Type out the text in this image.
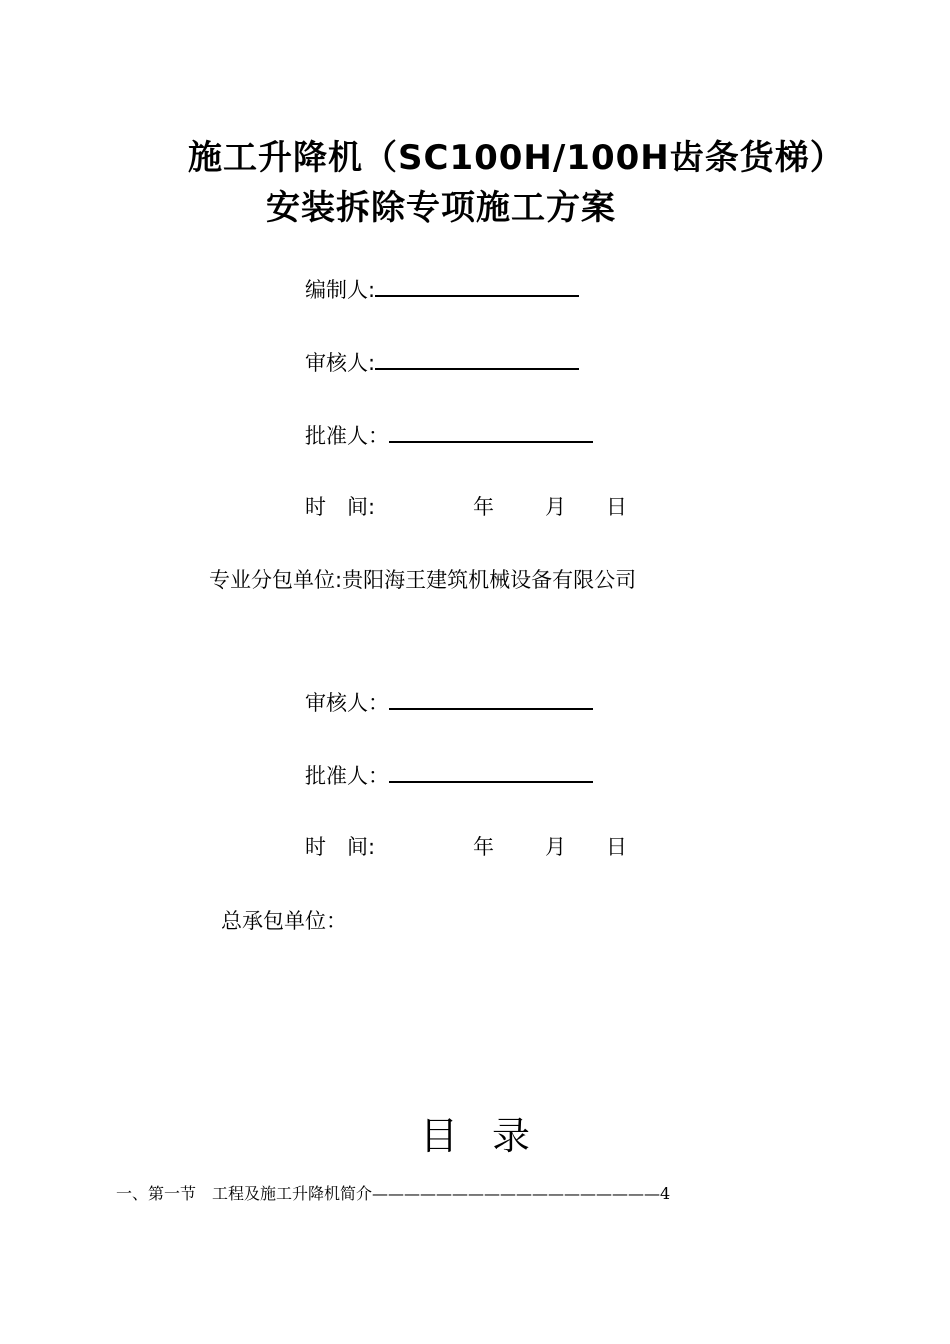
施工升降机（SC100H/100H齿条货梯）
安装拆除专项施工方案
编制人:
审核人:
批准人：
时　间:	年 月 日
专业分包单位:贵阳海王建筑机械设备有限公司
审核人：
批准人：
时　间:	年 月 日
总承包单位：
目录
一、第一节　工程及施工升降机简介——————————————————4
